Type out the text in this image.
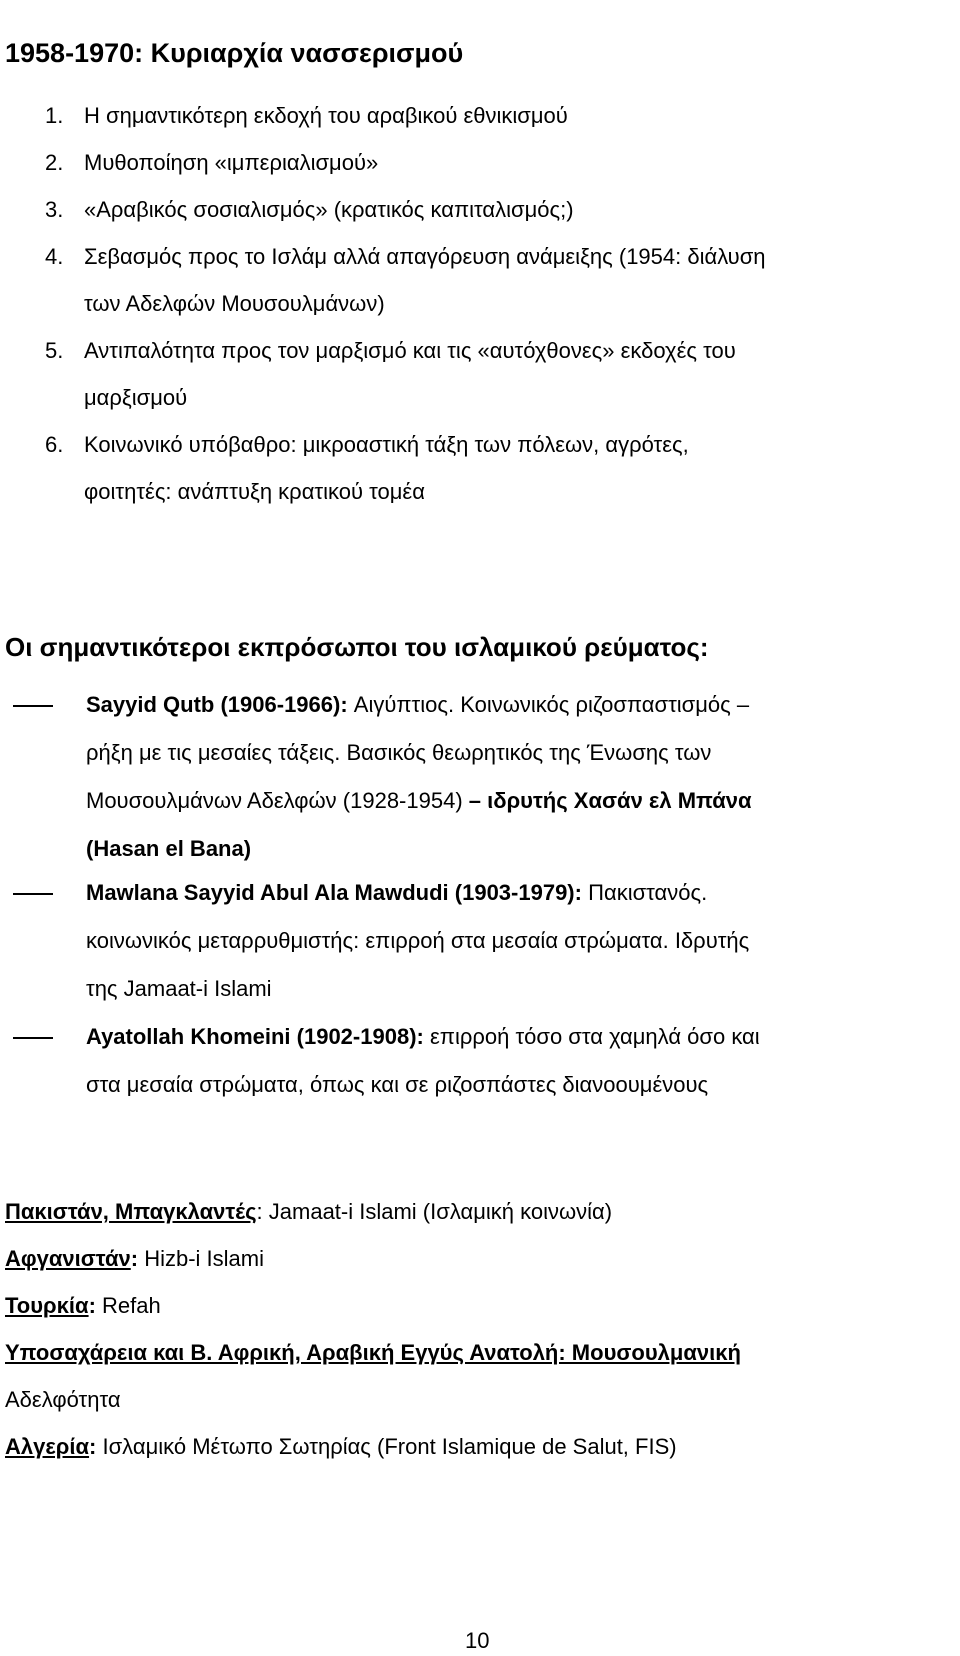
1958-1970: Κυριαρχία νασσερισμού
1. Η σημαντικότερη εκδοχή του αραβικού εθνικισμού
2. Μυθοποίηση «ιμπεριαλισμού»
3. «Αραβικός σοσιαλισμός» (κρατικός καπιταλισμός;)
4. Σεβασμός προς το Ισλάμ αλλά απαγόρευση ανάμειξης (1954: διάλυση
των Αδελφών Μουσουλμάνων)
5. Αντιπαλότητα προς τον μαρξισμό και τις «αυτόχθονες» εκδοχές του
μαρξισμού
6. Κοινωνικό υπόβαθρο: μικροαστική τάξη των πόλεων, αγρότες,
φοιτητές: ανάπτυξη κρατικού τομέα
Οι σημαντικότεροι εκπρόσωποι του ισλαμικού ρεύματος:
Sayyid Qutb (1906-1966): Αιγύπτιος. Κοινωνικός ριζοσπαστισμός –
ρήξη με τις μεσαίες τάξεις. Βασικός θεωρητικός της Ένωσης των
Μουσουλμάνων Αδελφών (1928-1954) – ιδρυτής Χασάν ελ Μπάνα
(Hasan el Bana)
Mawlana Sayyid Abul Ala Mawdudi (1903-1979): Πακιστανός.
κοινωνικός μεταρρυθμιστής: επιρροή στα μεσαία στρώματα. Ιδρυτής
της Jamaat-i Islami
Ayatollah Khomeini (1902-1908): επιρροή τόσο στα χαμηλά όσο και
στα μεσαία στρώματα, όπως και σε ριζοσπάστες διανοουμένους
Πακιστάν, Μπαγκλαντές: Jamaat-i Islami (Ισλαμική κοινωνία)
Αφγανιστάν: Hizb-i Islami
Τουρκία: Refah
Υποσαχάρεια και Β. Αφρική, Αραβική Εγγύς Ανατολή: Μουσουλμανική
Αδελφότητα
Αλγερία: Ισλαμικό Μέτωπο Σωτηρίας (Front Islamique de Salut, FIS)
10
